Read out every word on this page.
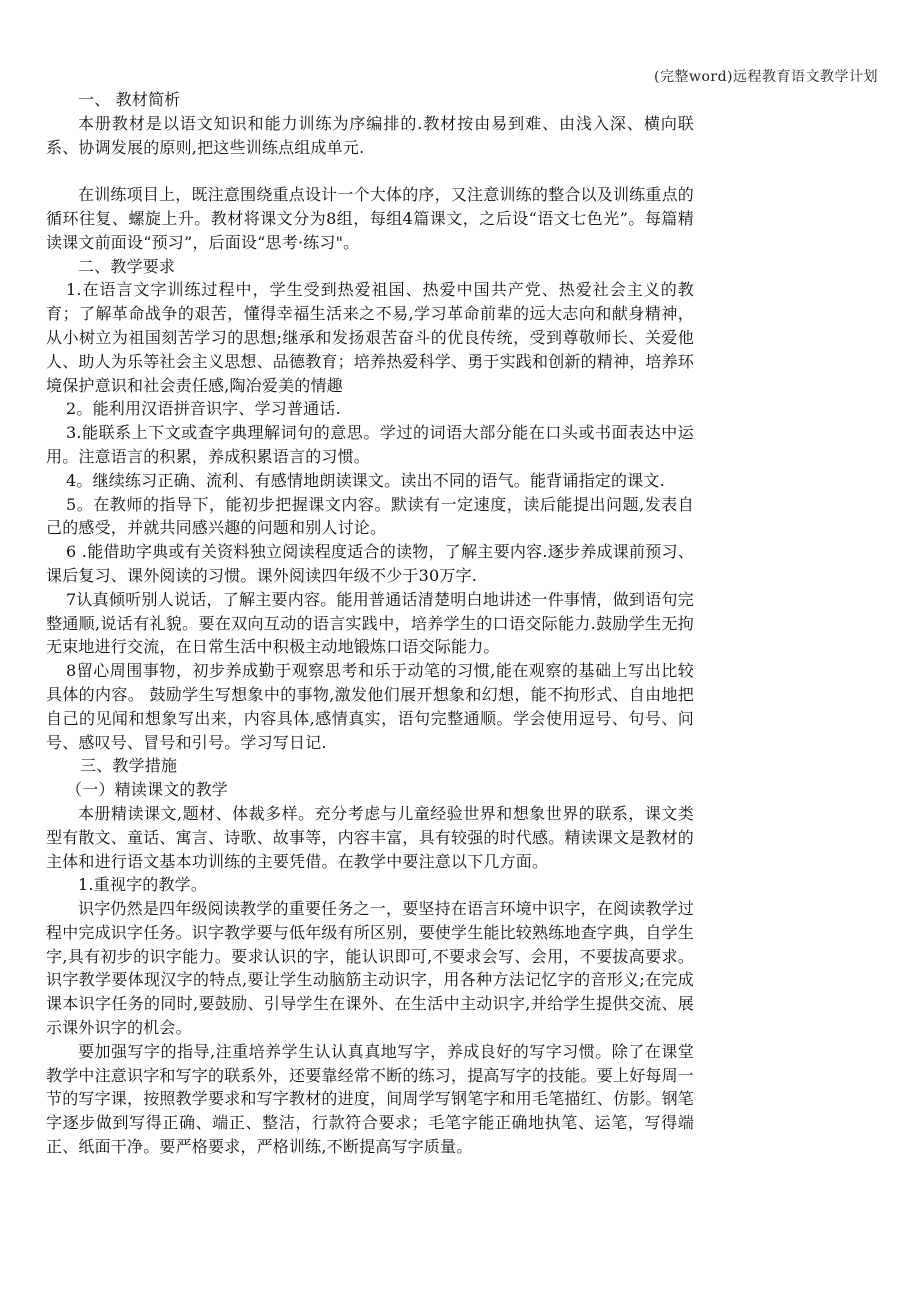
(完整word)远程教育语文教学计划

一、 教材简析

本册教材是以语文知识和能力训练为序编排的.教材按由易到难、由浅入深、横向联系、协调发展的原则,把这些训练点组成单元.

在训练项目上，既注意围绕重点设计一个大体的序，又注意训练的整合以及训练重点的循环往复、螺旋上升。教材将课文分为8组，每组4篇课文，之后设“语文七色光”。每篇精读课文前面设“预习”，后面设“思考·练习"。

二、教学要求

1.在语言文字训练过程中，学生受到热爱祖国、热爱中国共产党、热爱社会主义的教育；了解革命战争的艰苦，懂得幸福生活来之不易,学习革命前辈的远大志向和献身精神，从小树立为祖国刻苦学习的思想;继承和发扬艰苦奋斗的优良传统，受到尊敬师长、关爱他人、助人为乐等社会主义思想、品德教育；培养热爱科学、勇于实践和创新的精神，培养环境保护意识和社会责任感,陶冶爱美的情趣

2。能利用汉语拼音识字、学习普通话.

3.能联系上下文或查字典理解词句的意思。学过的词语大部分能在口头或书面表达中运用。注意语言的积累，养成积累语言的习惯。

4。继续练习正确、流利、有感情地朗读课文。读出不同的语气。能背诵指定的课文.

5。在教师的指导下，能初步把握课文内容。默读有一定速度，读后能提出问题,发表自己的感受，并就共同感兴趣的问题和别人讨论。

6 .能借助字典或有关资料独立阅读程度适合的读物，了解主要内容.逐步养成课前预习、课后复习、课外阅读的习惯。课外阅读四年级不少于30万字.

7认真倾听别人说话，了解主要内容。能用普通话清楚明白地讲述一件事情，做到语句完整通顺,说话有礼貌。要在双向互动的语言实践中，培养学生的口语交际能力.鼓励学生无拘无束地进行交流，在日常生活中积极主动地锻炼口语交际能力。

8留心周围事物，初步养成勤于观察思考和乐于动笔的习惯,能在观察的基础上写出比较具体的内容。 鼓励学生写想象中的事物,激发他们展开想象和幻想，能不拘形式、自由地把自己的见闻和想象写出来，内容具体,感情真实，语句完整通顺。学会使用逗号、句号、问号、感叹号、冒号和引号。学习写日记.

三、教学措施

（一）精读课文的教学

本册精读课文,题材、体裁多样。充分考虑与儿童经验世界和想象世界的联系，课文类型有散文、童话、寓言、诗歌、故事等，内容丰富，具有较强的时代感。精读课文是教材的主体和进行语文基本功训练的主要凭借。在教学中要注意以下几方面。

1.重视字的教学。

识字仍然是四年级阅读教学的重要任务之一，要坚持在语言环境中识字，在阅读教学过程中完成识字任务。识字教学要与低年级有所区别，要使学生能比较熟练地查字典，自学生字,具有初步的识字能力。要求认识的字，能认识即可,不要求会写、会用，不要拔高要求。识字教学要体现汉字的特点,要让学生动脑筋主动识字，用各种方法记忆字的音形义;在完成课本识字任务的同时,要鼓励、引导学生在课外、在生活中主动识字,并给学生提供交流、展示课外识字的机会。

要加强写字的指导,注重培养学生认认真真地写字，养成良好的写字习惯。除了在课堂教学中注意识字和写字的联系外，还要靠经常不断的练习，提高写字的技能。要上好每周一节的写字课，按照教学要求和写字教材的进度，间周学写钢笔字和用毛笔描红、仿影。钢笔字逐步做到写得正确、端正、整洁，行款符合要求；毛笔字能正确地执笔、运笔，写得端正、纸面干净。要严格要求，严格训练,不断提高写字质量。
